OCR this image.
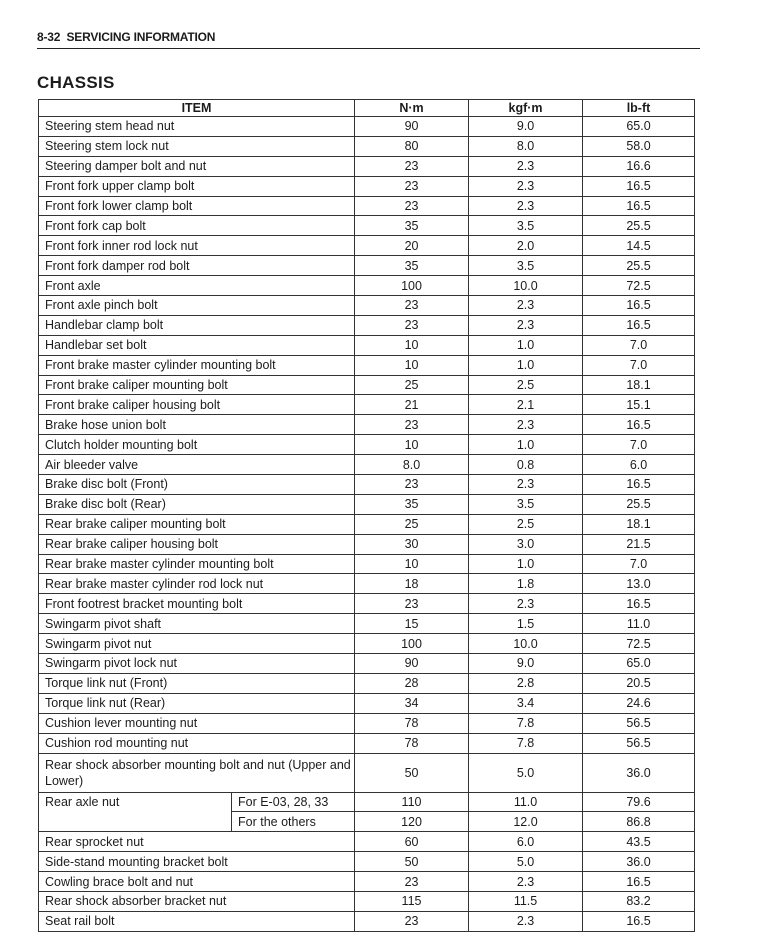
8-32 SERVICING INFORMATION
CHASSIS
ITEM		N·m	kgf·m	lb-ft
Steering stem head nut		90	9.0	65.0
Steering stem lock nut		80	8.0	58.0
Steering damper bolt and nut		23	2.3	16.6
Front fork upper clamp bolt		23	2.3	16.5
Front fork lower clamp bolt		23	2.3	16.5
Front fork cap bolt		35	3.5	25.5
Front fork inner rod lock nut		20	2.0	14.5
Front fork damper rod bolt		35	3.5	25.5
Front axle		100	10.0	72.5
Front axle pinch bolt		23	2.3	16.5
Handlebar clamp bolt		23	2.3	16.5
Handlebar set bolt		10	1.0	7.0
Front brake master cylinder mounting bolt		10	1.0	7.0
Front brake caliper mounting bolt		25	2.5	18.1
Front brake caliper housing bolt		21	2.1	15.1
Brake hose union bolt		23	2.3	16.5
Clutch holder mounting bolt		10	1.0	7.0
Air bleeder valve		8.0	0.8	6.0
Brake disc bolt (Front)		23	2.3	16.5
Brake disc bolt (Rear)		35	3.5	25.5
Rear brake caliper mounting bolt		25	2.5	18.1
Rear brake caliper housing bolt		30	3.0	21.5
Rear brake master cylinder mounting bolt		10	1.0	7.0
Rear brake master cylinder rod lock nut		18	1.8	13.0
Front footrest bracket mounting bolt		23	2.3	16.5
Swingarm pivot shaft		15	1.5	11.0
Swingarm pivot nut		100	10.0	72.5
Swingarm pivot lock nut		90	9.0	65.0
Torque link nut (Front)		28	2.8	20.5
Torque link nut (Rear)		34	3.4	24.6
Cushion lever mounting nut		78	7.8	56.5
Cushion rod mounting nut		78	7.8	56.5
Rear shock absorber mounting bolt and nut (Upper and Lower)		50	5.0	36.0
Rear axle nut	For E-03, 28, 33	110	11.0	79.6
	For the others	120	12.0	86.8
Rear sprocket nut		60	6.0	43.5
Side-stand mounting bracket bolt		50	5.0	36.0
Cowling brace bolt and nut		23	2.3	16.5
Rear shock absorber bracket nut		115	11.5	83.2
Seat rail bolt		23	2.3	16.5
